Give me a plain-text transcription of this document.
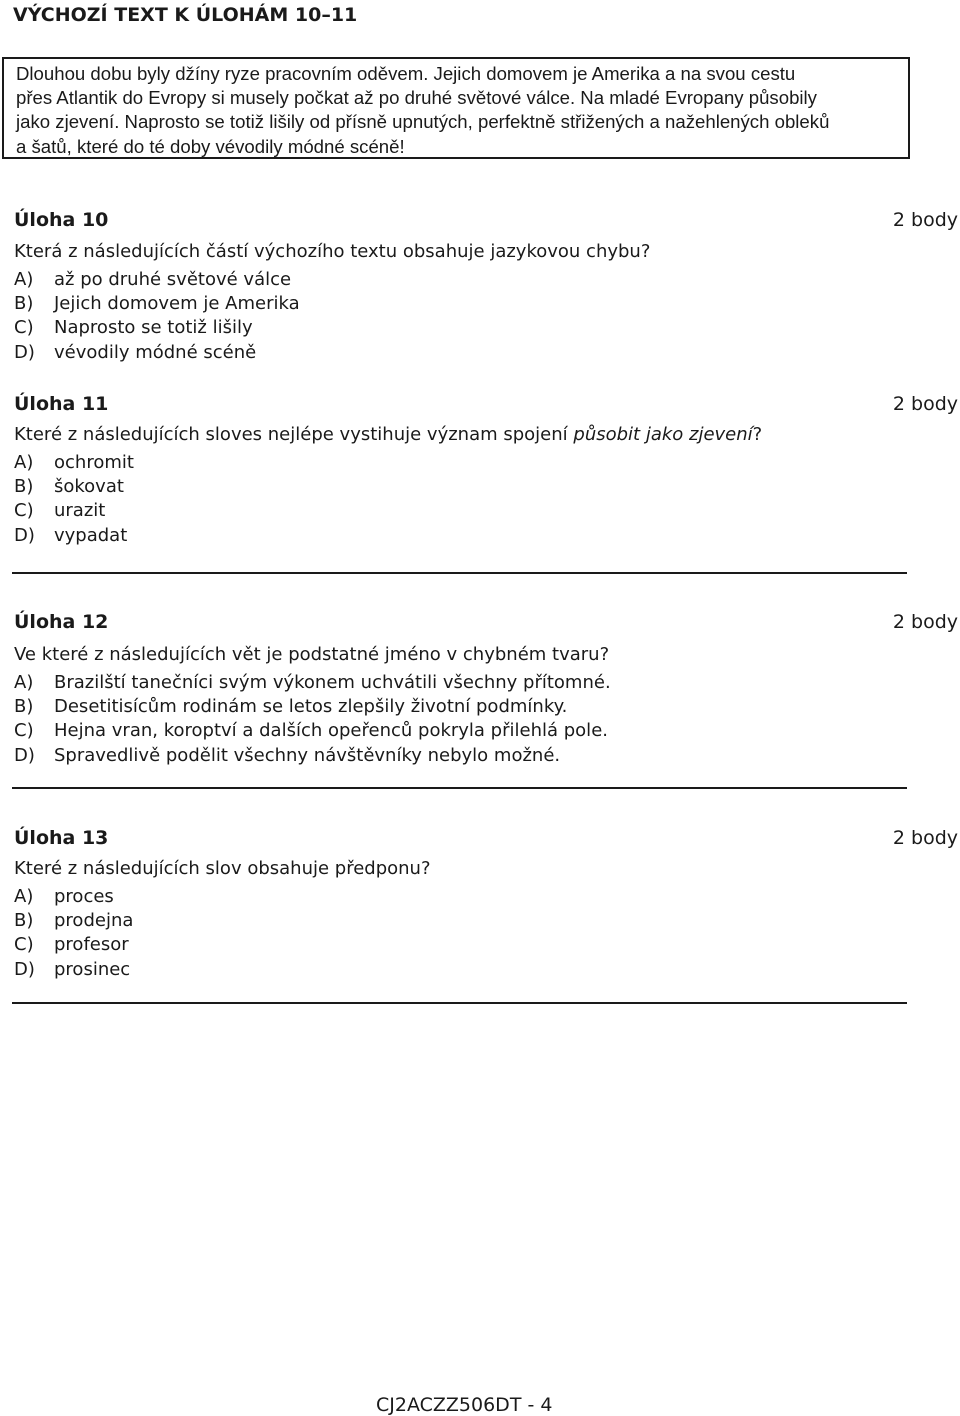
VÝCHOZÍ TEXT K ÚLOHÁM 10–11

Dlouhou dobu byly džíny ryze pracovním oděvem. Jejich domovem je Amerika a na svou cestu

přes Atlantik do Evropy si musely počkat až po druhé světové válce. Na mladé Evropany působily

jako zjevení. Naprosto se totiž lišily od přísně upnutých, perfektně střižených a nažehlených obleků

a šatů, které do té doby vévodily módné scéně!

Úloha 10	2 body
Která z následujících částí výchozího textu obsahuje jazykovou chybu?
A) až po druhé světové válce
B) Jejich domovem je Amerika
C) Naprosto se totiž lišily
D) vévodily módné scéně
Úloha 11	2 body
Které z následujících sloves nejlépe vystihuje význam spojení působit jako zjevení?
A) ochromit
B) šokovat
C) urazit
D) vypadat
Úloha 12	2 body
Ve které z následujících vět je podstatné jméno v chybném tvaru?
A) Brazilští tanečníci svým výkonem uchvátili všechny přítomné.
B) Desetitisícům rodinám se letos zlepšily životní podmínky.
C) Hejna vran, koroptví a dalších opeřenců pokryla přilehlá pole.
D) Spravedlivě podělit všechny návštěvníky nebylo možné.
Úloha 13	2 body
Které z následujících slov obsahuje předponu?
A) proces
B) prodejna
C) profesor
D) prosinec
CJ2ACZZ506DT - 4
